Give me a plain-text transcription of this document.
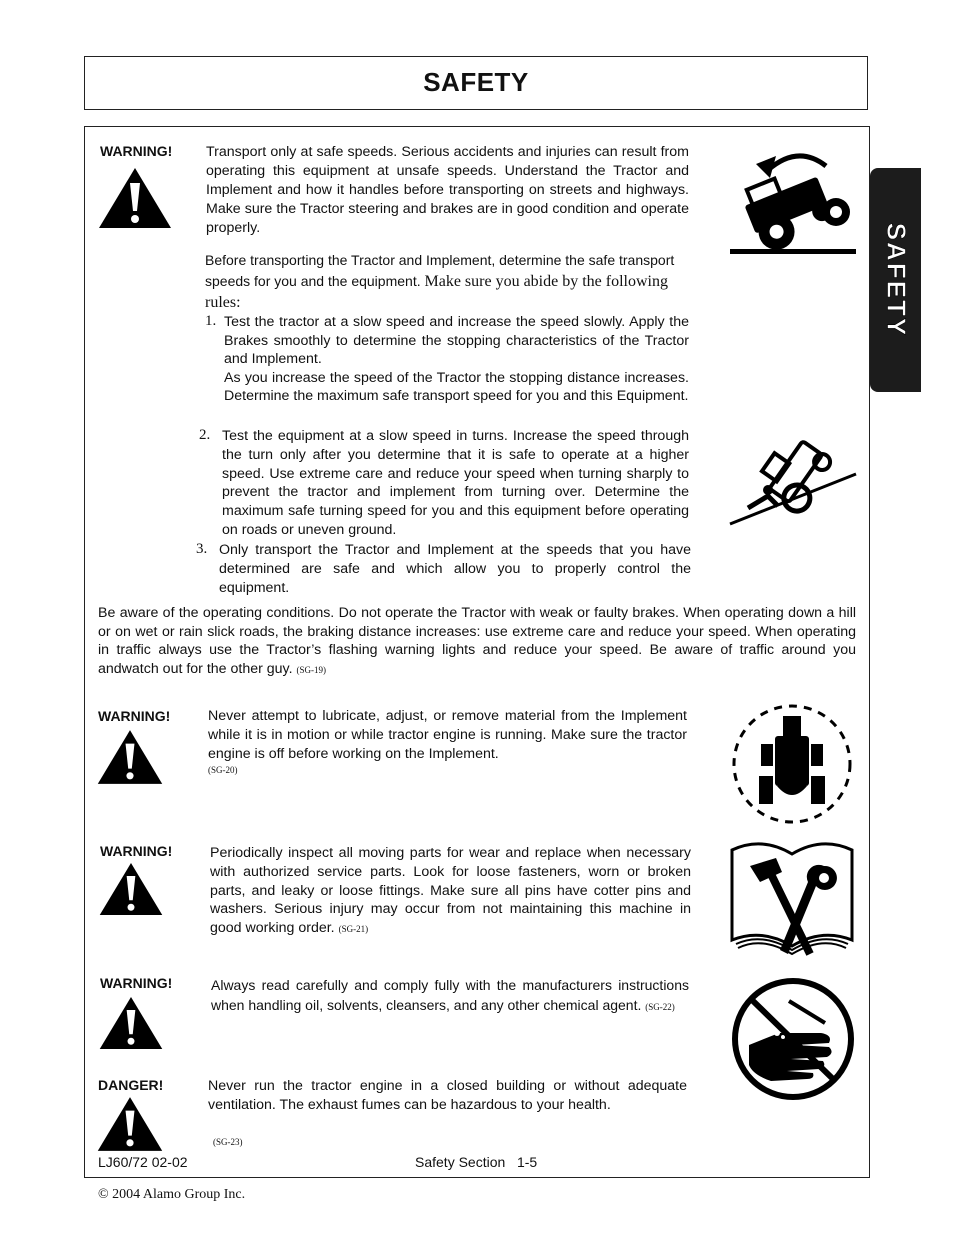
SAFETY
SAFETY
WARNING! Transport only at safe speeds. Serious accidents and injuries can result from operating this equipment at unsafe speeds. Understand the Tractor and Implement and how it handles before transporting on streets and highways. Make sure the Tractor steering and brakes are in good condition and operate properly.
Before transporting the Tractor and Implement, determine the safe transport speeds for you and the equipment. Make sure you abide by the following rules:
1. Test the tractor at a slow speed and increase the speed slowly. Apply the Brakes smoothly to determine the stopping characteristics of the Tractor and Implement.
As you increase the speed of the Tractor the stopping distance increases. Determine the maximum safe transport speed for you and this Equipment.
2. Test the equipment at a slow speed in turns. Increase the speed through the turn only after you determine that it is safe to operate at a higher speed. Use extreme care and reduce your speed when turning sharply to prevent the tractor and implement from turning over. Determine the maximum safe turning speed for you and this equipment before operating on roads or uneven ground.
3. Only transport the Tractor and Implement at the speeds that you have determined are safe and which allow you to properly control the equipment.
Be aware of the operating conditions. Do not operate the Tractor with weak or faulty brakes. When operating down a hill or on wet or rain slick roads, the braking distance increases: use extreme care and reduce your speed. When operating in traffic always use the Tractor’s flashing warning lights and reduce your speed. Be aware of traffic around you andwatch out for the other guy. (SG-19)
WARNING!	Never attempt to lubricate, adjust, or remove material from the Implement while it is in motion or while tractor engine is running. Make sure the tractor engine is off before working on the Implement.
(SG-20)
WARNING!	Periodically inspect all moving parts for wear and replace when necessary with authorized service parts. Look for loose fasteners, worn or broken parts, and leaky or loose fittings. Make sure all pins have cotter pins and washers. Serious injury may occur from not maintaining this machine in good working order. (SG-21)
WARNING!	Always read carefully and comply fully with the manufacturers instructions when handling oil, solvents, cleansers, and any other chemical agent. (SG-22)
DANGER!	Never run the tractor engine in a closed building or without adequate ventilation. The exhaust fumes can be hazardous to your health.
(SG-23)
LJ60/72 02-02	Safety Section   1-5
© 2004 Alamo Group Inc.
